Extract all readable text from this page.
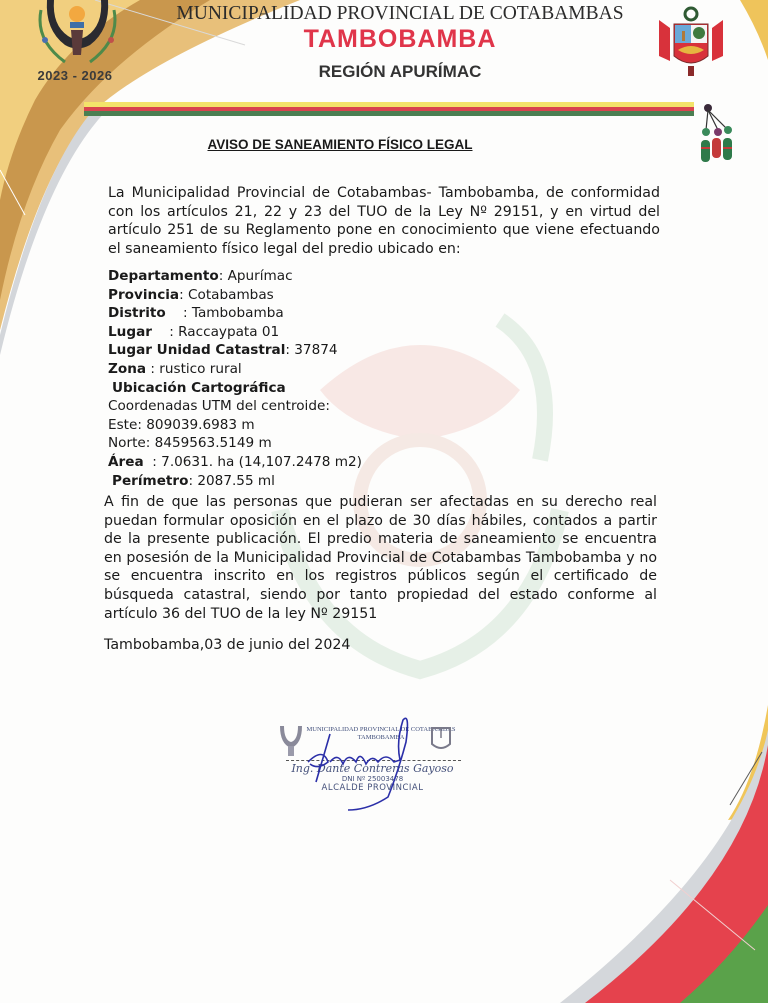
2023 - 2026
MUNICIPALIDAD PROVINCIAL DE COTABAMBAS
TAMBOBAMBA
REGIÓN APURÍMAC
AVISO DE SANEAMIENTO FÍSICO LEGAL
La Municipalidad Provincial de Cotabambas- Tambobamba, de conformidad con los artículos 21, 22 y 23 del TUO de la Ley Nº 29151, y en virtud del artículo 251 de su Reglamento pone en conocimiento que viene efectuando el saneamiento físico legal del predio ubicado en:
Departamento: Apurímac
Provincia: Cotabambas
Distrito    : Tambobamba
Lugar    : Raccaypata 01
Lugar Unidad Catastral: 37874
Zona : rustico rural
Ubicación Cartográfica
Coordenadas UTM del centroide:
Este: 809039.6983 m
Norte: 8459563.5149 m
Área  : 7.0631. ha (14,107.2478 m2)
Perímetro: 2087.55 ml
A fin de que las personas que pudieran ser afectadas en su derecho real puedan formular oposición en el plazo de 30 días hábiles, contados a partir de la presente publicación. El predio materia de saneamiento se encuentra en posesión de la Municipalidad Provincial de Cotabambas Tambobamba y no se encuentra inscrito en los registros públicos según el certificado de búsqueda catastral, siendo por tanto propiedad del estado conforme al artículo 36 del TUO de la ley Nº 29151
Tambobamba,03 de junio del 2024
MUNICIPALIDAD PROVINCIAL DE COTABAMBAS
TAMBOBAMBA
Ing. Dante Contreras Gayoso
DNI Nº 25003478
ALCALDE PROVINCIAL
